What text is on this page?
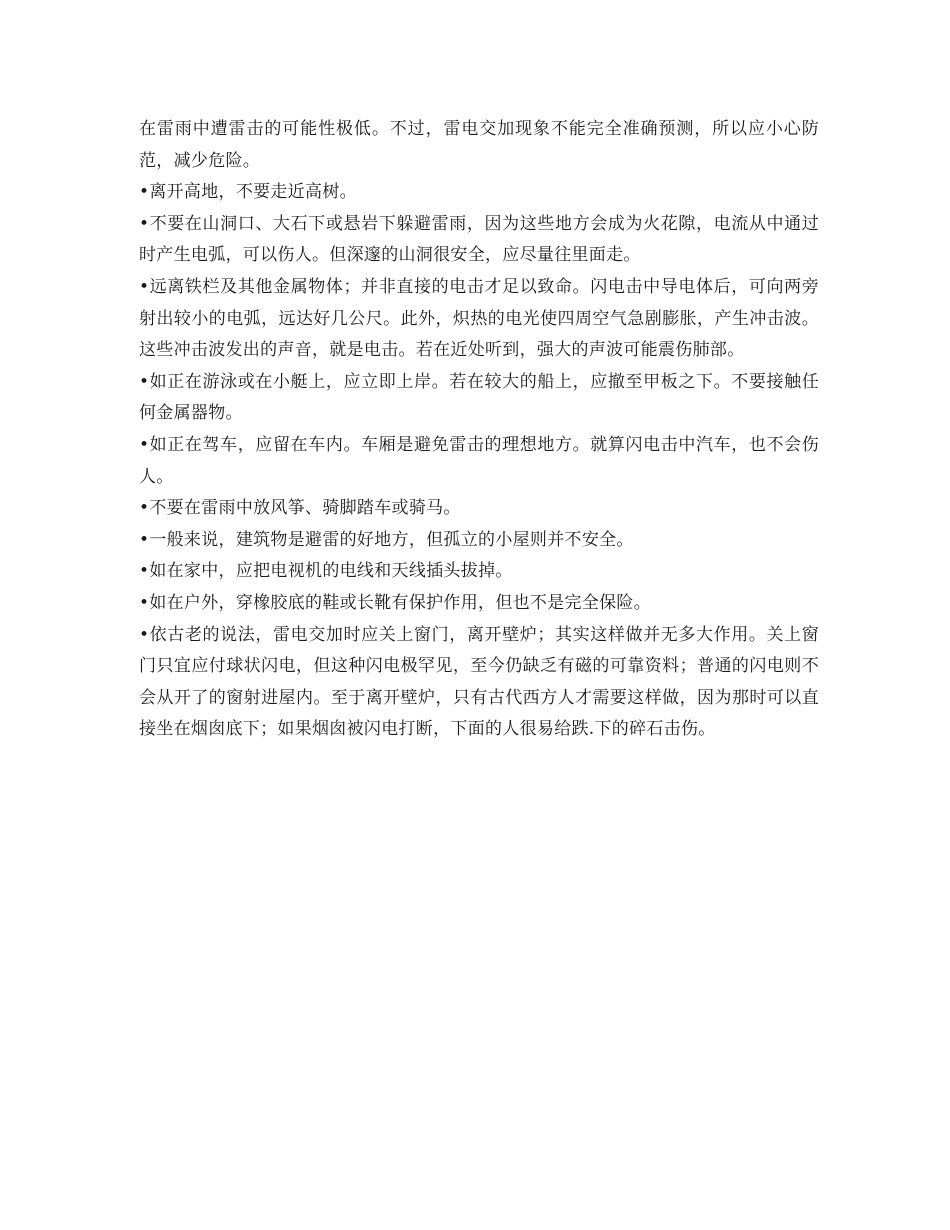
在雷雨中遭雷击的可能性极低。不过，雷电交加现象不能完全准确预测，所以应小心防范，减少危险。

•离开高地，不要走近高树。

•不要在山洞口、大石下或悬岩下躲避雷雨，因为这些地方会成为火花隙，电流从中通过时产生电弧，可以伤人。但深邃的山洞很安全，应尽量往里面走。

•远离铁栏及其他金属物体；并非直接的电击才足以致命。闪电击中导电体后，可向两旁射出较小的电弧，远达好几公尺。此外，炽热的电光使四周空气急剧膨胀，产生冲击波。这些冲击波发出的声音，就是电击。若在近处听到，强大的声波可能震伤肺部。

•如正在游泳或在小艇上，应立即上岸。若在较大的船上，应撤至甲板之下。不要接触任何金属器物。

•如正在驾车，应留在车内。车厢是避免雷击的理想地方。就算闪电击中汽车，也不会伤人。

•不要在雷雨中放风筝、骑脚踏车或骑马。

•一般来说，建筑物是避雷的好地方，但孤立的小屋则并不安全。

•如在家中，应把电视机的电线和天线插头拔掉。

•如在户外，穿橡胶底的鞋或长靴有保护作用，但也不是完全保险。

•依古老的说法，雷电交加时应关上窗门，离开壁炉；其实这样做并无多大作用。关上窗门只宜应付球状闪电，但这种闪电极罕见，至今仍缺乏有磁的可靠资料；普通的闪电则不会从开了的窗射进屋内。至于离开壁炉，只有古代西方人才需要这样做，因为那时可以直接坐在烟囱底下；如果烟囱被闪电打断，下面的人很易给跌.下的碎石击伤。
